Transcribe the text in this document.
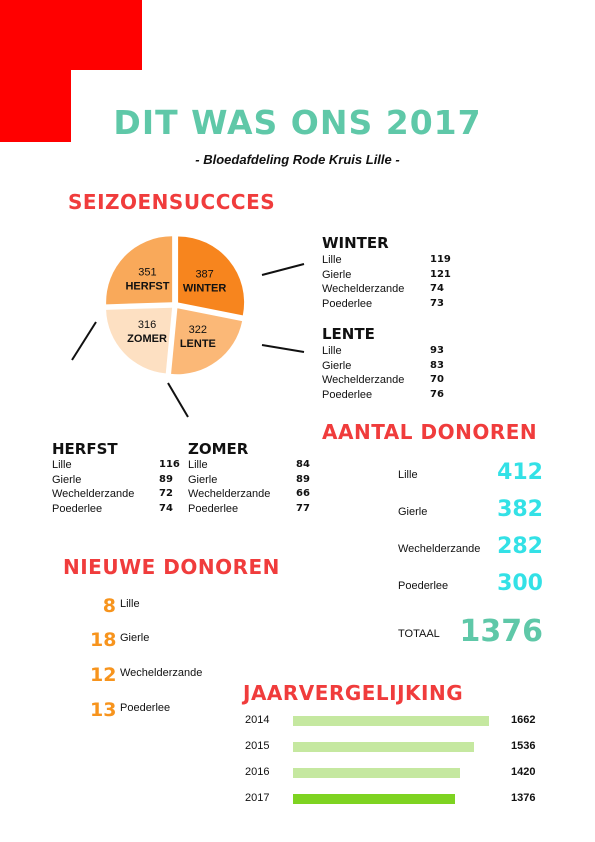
DIT WAS ONS 2017
- Bloedafdeling Rode Kruis Lille -
SEIZOENSUCCCES
387
WINTER
322
LENTE
316
ZOMER
351
HERFST
WINTER
Lille	119
Gierle	121
Wechelderzande	74
Poederlee	73
LENTE
Lille	93
Gierle	83
Wechelderzande	70
Poederlee	76
HERFST
Lille	116
Gierle	89
Wechelderzande 72
Poederlee	74
ZOMER
Lille	84
Gierle	89
Wechelderzande	66
Poederlee	77
AANTAL DONOREN
Lille	412
Gierle	382
Wechelderzande 282
Poederlee	300
TOTAAL 1376
NIEUWE DONOREN
8 Lille
18 Gierle
12 Wechelderzande
13 Poederlee
JAARVERGELIJKING
2014	1662
2015	1536
2016	1420
2017	1376
